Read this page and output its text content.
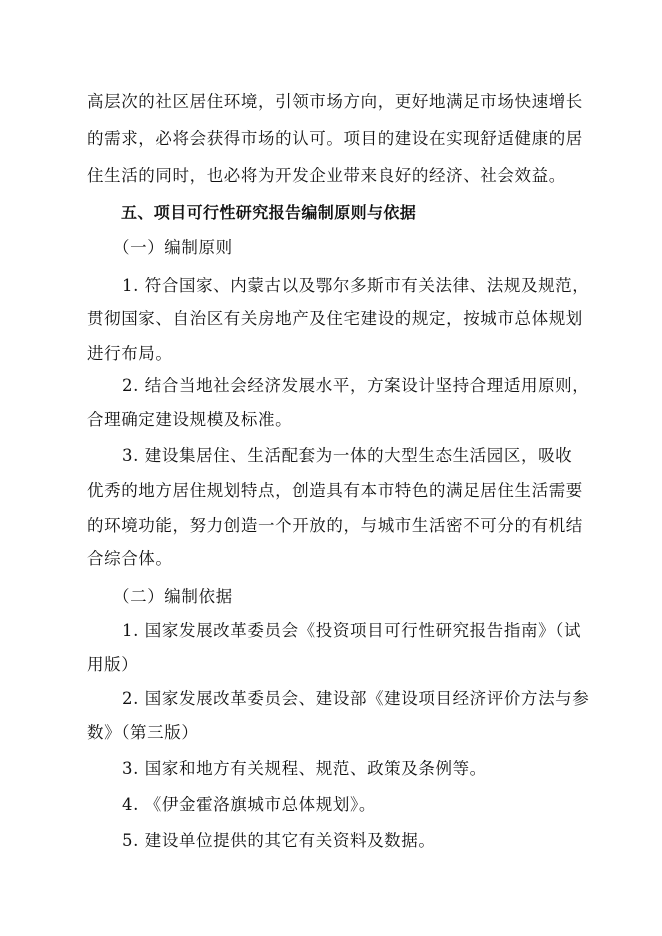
高层次的社区居住环境，引领市场方向，更好地满足市场快速增长
的需求，必将会获得市场的认可。项目的建设在实现舒适健康的居
住生活的同时，也必将为开发企业带来良好的经济、社会效益。
五、项目可行性研究报告编制原则与依据
（一）编制原则
1. 符合国家、内蒙古以及鄂尔多斯市有关法律、法规及规范，
贯彻国家、自治区有关房地产及住宅建设的规定，按城市总体规划
进行布局。
2. 结合当地社会经济发展水平，方案设计坚持合理适用原则，
合理确定建设规模及标准。
3. 建设集居住、生活配套为一体的大型生态生活园区，吸收
优秀的地方居住规划特点，创造具有本市特色的满足居住生活需要
的环境功能，努力创造一个开放的，与城市生活密不可分的有机结
合综合体。
（二）编制依据
1. 国家发展改革委员会《投资项目可行性研究报告指南》（试
用版）
2. 国家发展改革委员会、建设部《建设项目经济评价方法与参
数》（第三版）
3. 国家和地方有关规程、规范、政策及条例等。
4. 《伊金霍洛旗城市总体规划》。
5. 建设单位提供的其它有关资料及数据。
